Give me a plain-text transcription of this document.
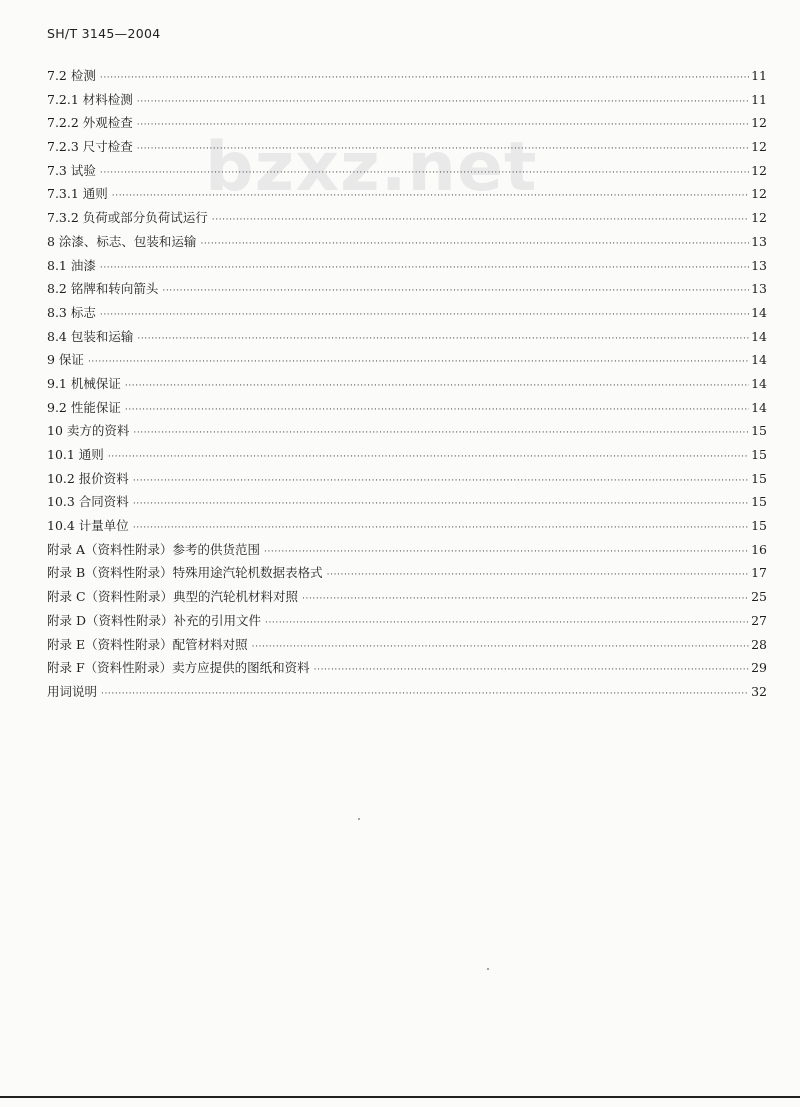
SH/T 3145—2004
bzxz.net
7.2 检测 ·····	11
7.2.1 材料检测 ·····	11
7.2.2 外观检查 ·····	12
7.2.3 尺寸检查 ·····	12
7.3 试验 ·····	12
7.3.1 通则 ·····	12
7.3.2 负荷或部分负荷试运行 ·····	12
8 涂漆、标志、包装和运输 ·····	13
8.1 油漆 ·····	13
8.2 铭牌和转向箭头 ·····	13
8.3 标志 ·····	14
8.4 包装和运输 ·····	14
9 保证 ·····	14
9.1 机械保证 ·····	14
9.2 性能保证 ·····	14
10 卖方的资料 ·····	15
10.1 通则 ·····	15
10.2 报价资料 ·····	15
10.3 合同资料 ·····	15
10.4 计量单位 ·····	15
附录 A（资料性附录）参考的供货范围 ·····	16
附录 B（资料性附录）特殊用途汽轮机数据表格式 ·····	17
附录 C（资料性附录）典型的汽轮机材料对照 ·····	25
附录 D（资料性附录）补充的引用文件 ·····	27
附录 E（资料性附录）配管材料对照 ·····	28
附录 F（资料性附录）卖方应提供的图纸和资料 ·····	29
用词说明 ·····	32
